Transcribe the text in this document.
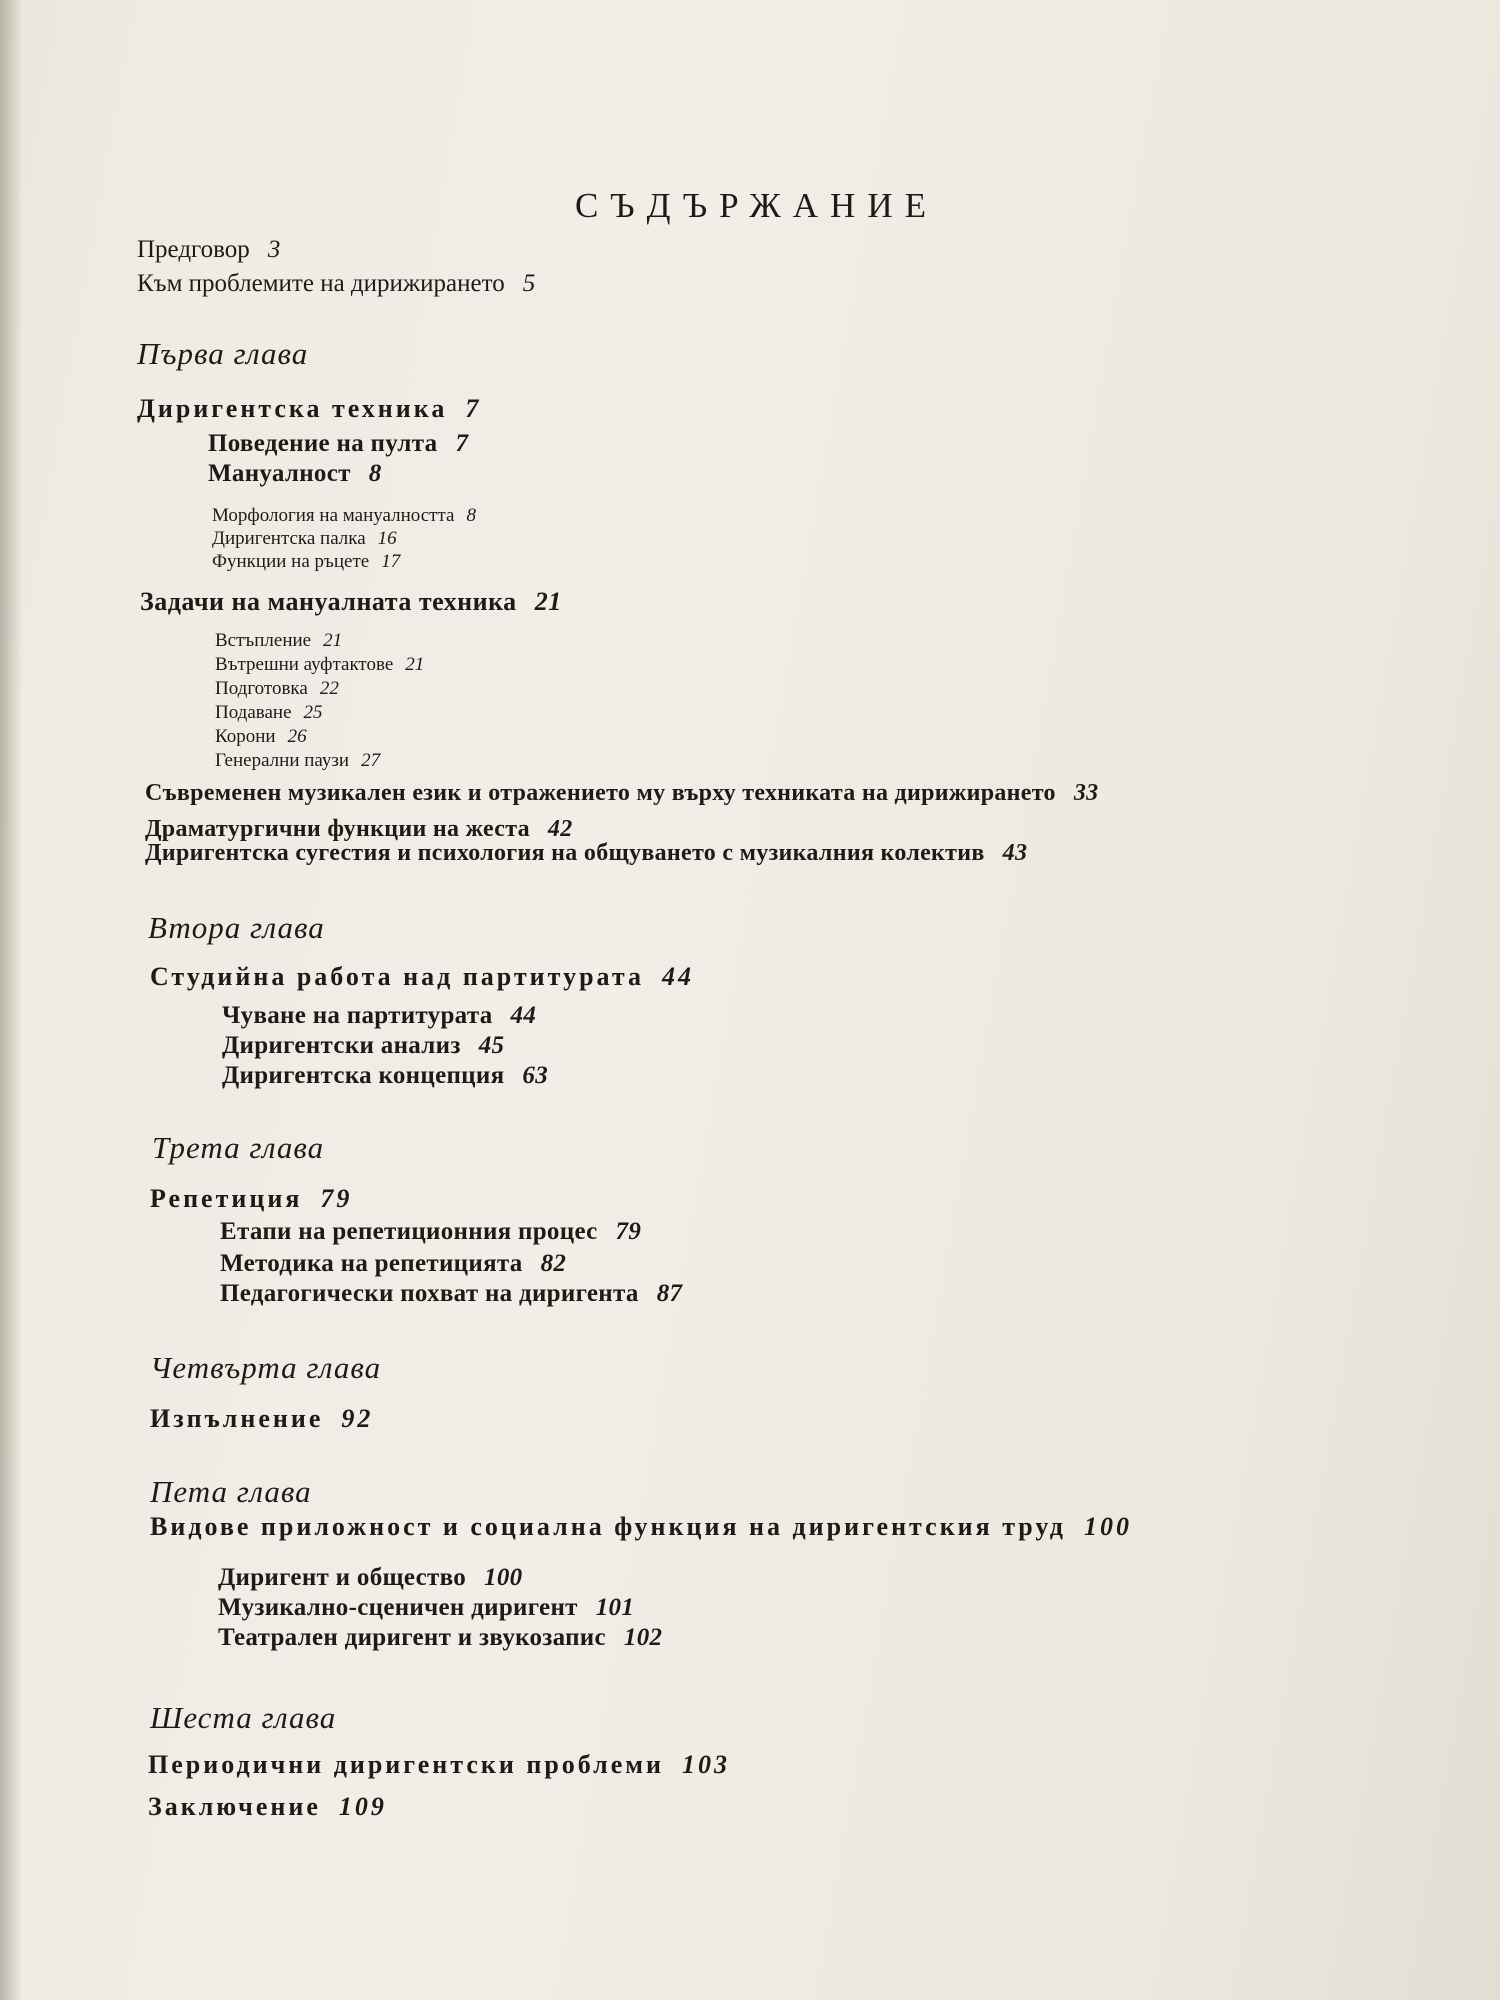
СЪДЪРЖАНИЕ
Предговор 3
Към проблемите на дирижирането 5
Първа глава
Диригентска техника 7
Поведение на пулта 7
Мануалност 8
Морфология на мануалността 8
Диригентска палка 16
Функции на ръцете 17
Задачи на мануалната техника 21
Встъпление 21
Вътрешни ауфтактове 21
Подготовка 22
Подаване 25
Корони 26
Генерални паузи 27
Съвременен музикален език и отражението му върху техниката на дирижирането 33
Драматургични функции на жеста 42
Диригентска сугестия и психология на общуването с музикалния колектив 43
Втора глава
Студийна работа над партитурата 44
Чуване на партитурата 44
Диригентски анализ 45
Диригентска концепция 63
Трета глава
Репетиция 79
Етапи на репетиционния процес 79
Методика на репетицията 82
Педагогически похват на диригента 87
Четвърта глава
Изпълнение 92
Пета глава
Видове приложност и социална функция на диригентския труд 100
Диригент и общество 100
Музикално-сценичен диригент 101
Театрален диригент и звукозапис 102
Шеста глава
Периодични диригентски проблеми 103
Заключение 109
